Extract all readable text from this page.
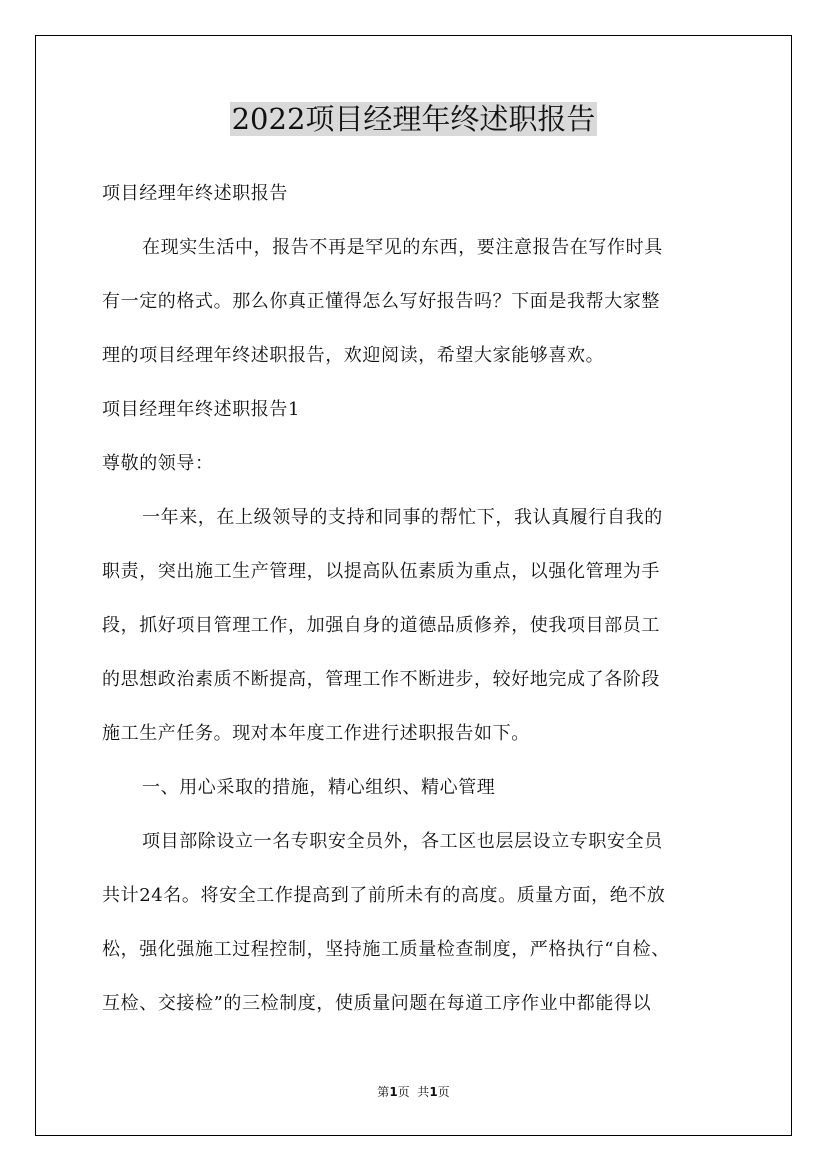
2022项目经理年终述职报告
项目经理年终述职报告
在现实生活中，报告不再是罕见的东西，要注意报告在写作时具
有一定的格式。那么你真正懂得怎么写好报告吗？下面是我帮大家整
理的项目经理年终述职报告，欢迎阅读，希望大家能够喜欢。
项目经理年终述职报告1
尊敬的领导：
一年来，在上级领导的支持和同事的帮忙下，我认真履行自我的
职责，突出施工生产管理，以提高队伍素质为重点，以强化管理为手
段，抓好项目管理工作，加强自身的道德品质修养，使我项目部员工
的思想政治素质不断提高，管理工作不断进步，较好地完成了各阶段
施工生产任务。现对本年度工作进行述职报告如下。
一、用心采取的措施，精心组织、精心管理
项目部除设立一名专职安全员外，各工区也层层设立专职安全员
共计24名。将安全工作提高到了前所未有的高度。质量方面，绝不放
松，强化强施工过程控制，坚持施工质量检查制度，严格执行“自检、
互检、交接检”的三检制度，使质量问题在每道工序作业中都能得以
第1页  共1页
